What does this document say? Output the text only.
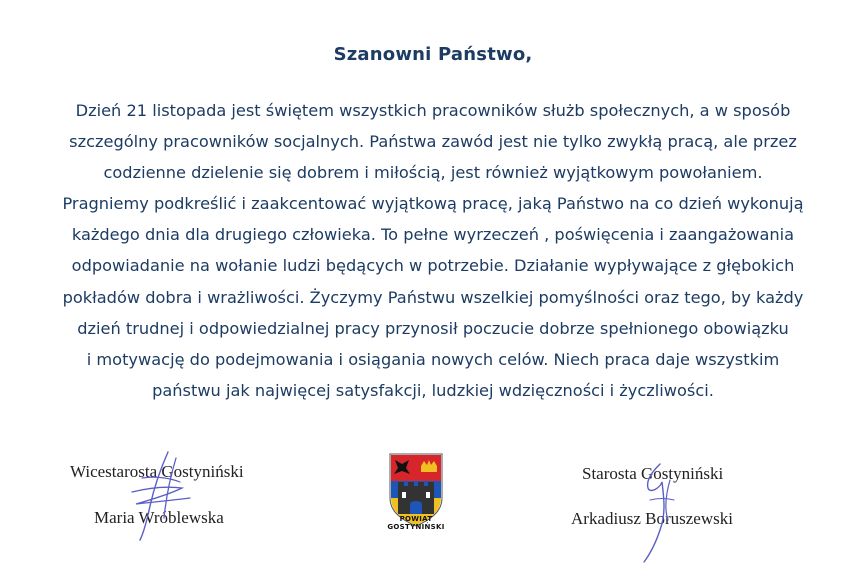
Szanowni Państwo,
Dzień 21 listopada jest świętem wszystkich pracowników służb społecznych, a w sposób
szczególny pracowników socjalnych. Państwa zawód jest nie tylko zwykłą pracą, ale przez
codzienne dzielenie się dobrem i miłością, jest również wyjątkowym powołaniem.
Pragniemy podkreślić i zaakcentować wyjątkową pracę, jaką Państwo na co dzień wykonują
każdego dnia dla drugiego człowieka. To pełne wyrzeczeń , poświęcenia i zaangażowania
odpowiadanie na wołanie ludzi będących w potrzebie. Działanie wypływające z głębokich
pokładów dobra i wrażliwości. Życzymy Państwu wszelkiej pomyślności oraz tego, by każdy
dzień trudnej i odpowiedzialnej pracy przynosił poczucie dobrze spełnionego obowiązku
i motywację do podejmowania i osiągania nowych celów. Niech praca daje wszystkim
państwu jak najwięcej satysfakcji, ludzkiej wdzięczności i życzliwości.
Wicestarosta Gostyniński
Maria Wróblewska	POWIAT
GOSTYNIŃSKI
Starosta Gostyniński
Arkadiusz Boruszewski
